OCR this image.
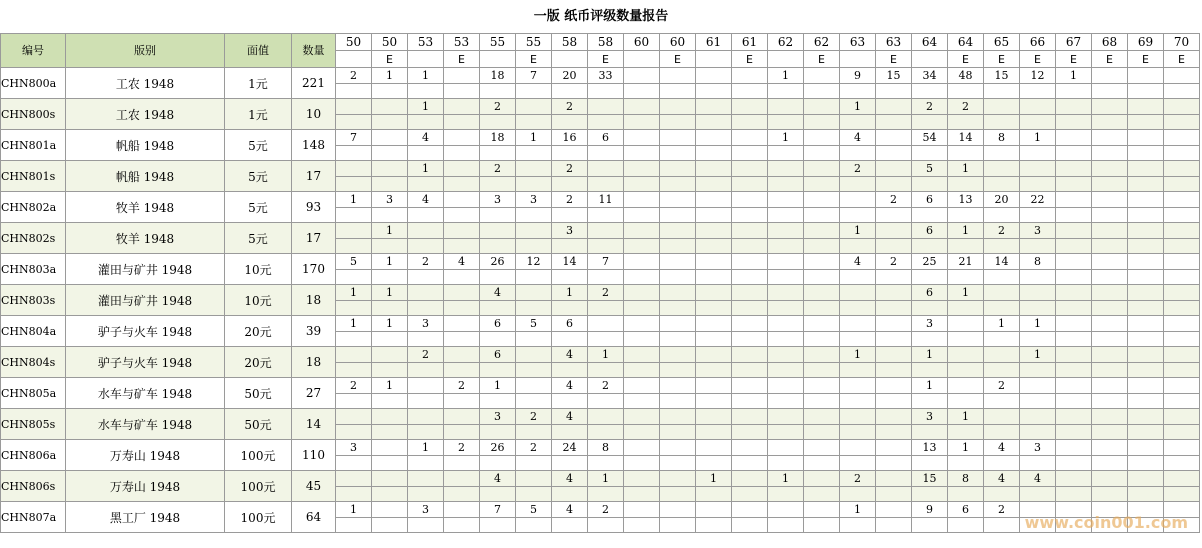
一版 纸币评级数量报告
编号	版别	面值	数量	50	50	53	53	55	55	58	58	60	60	61	61	62	62	63	63	64	64	65	66	67	68	69	70
					E		E		E		E		E		E		E		E		E	E	E	E	E	E	E
CHN800a	工农 1948	1元	221	2	1	1		18	7	20	33					1		9	15	34	48	15	12	1			

CHN800s	工农 1948	1元	10			1		2		2								1		2	2						

CHN801a	帆船 1948	5元	148	7		4		18	1	16	6					1		4		54	14	8	1				

CHN801s	帆船 1948	5元	17			1		2		2								2		5	1						

CHN802a	牧羊 1948	5元	93	1	3	4		3	3	2	11								2	6	13	20	22				

CHN802s	牧羊 1948	5元	17		1					3								1		6	1	2	3				

CHN803a	灌田与矿井 1948	10元	170	5	1	2	4	26	12	14	7							4	2	25	21	14	8				

CHN803s	灌田与矿井 1948	10元	18	1	1			4		1	2									6	1						

CHN804a	驴子与火车 1948	20元	39	1	1	3		6	5	6										3		1	1				

CHN804s	驴子与火车 1948	20元	18			2		6		4	1							1		1			1				

CHN805a	水车与矿车 1948	50元	27	2	1		2	1		4	2									1		2					

CHN805s	水车与矿车 1948	50元	14					3	2	4										3	1						

CHN806a	万寿山 1948	100元	110	3		1	2	26	2	24	8									13	1	4	3				

CHN806s	万寿山 1948	100元	45					4		4	1			1		1		2		15	8	4	4				

CHN807a	黑工厂 1948	100元	64	1		3		7	5	4	2							1		9	6	2					

www.coin001.com
